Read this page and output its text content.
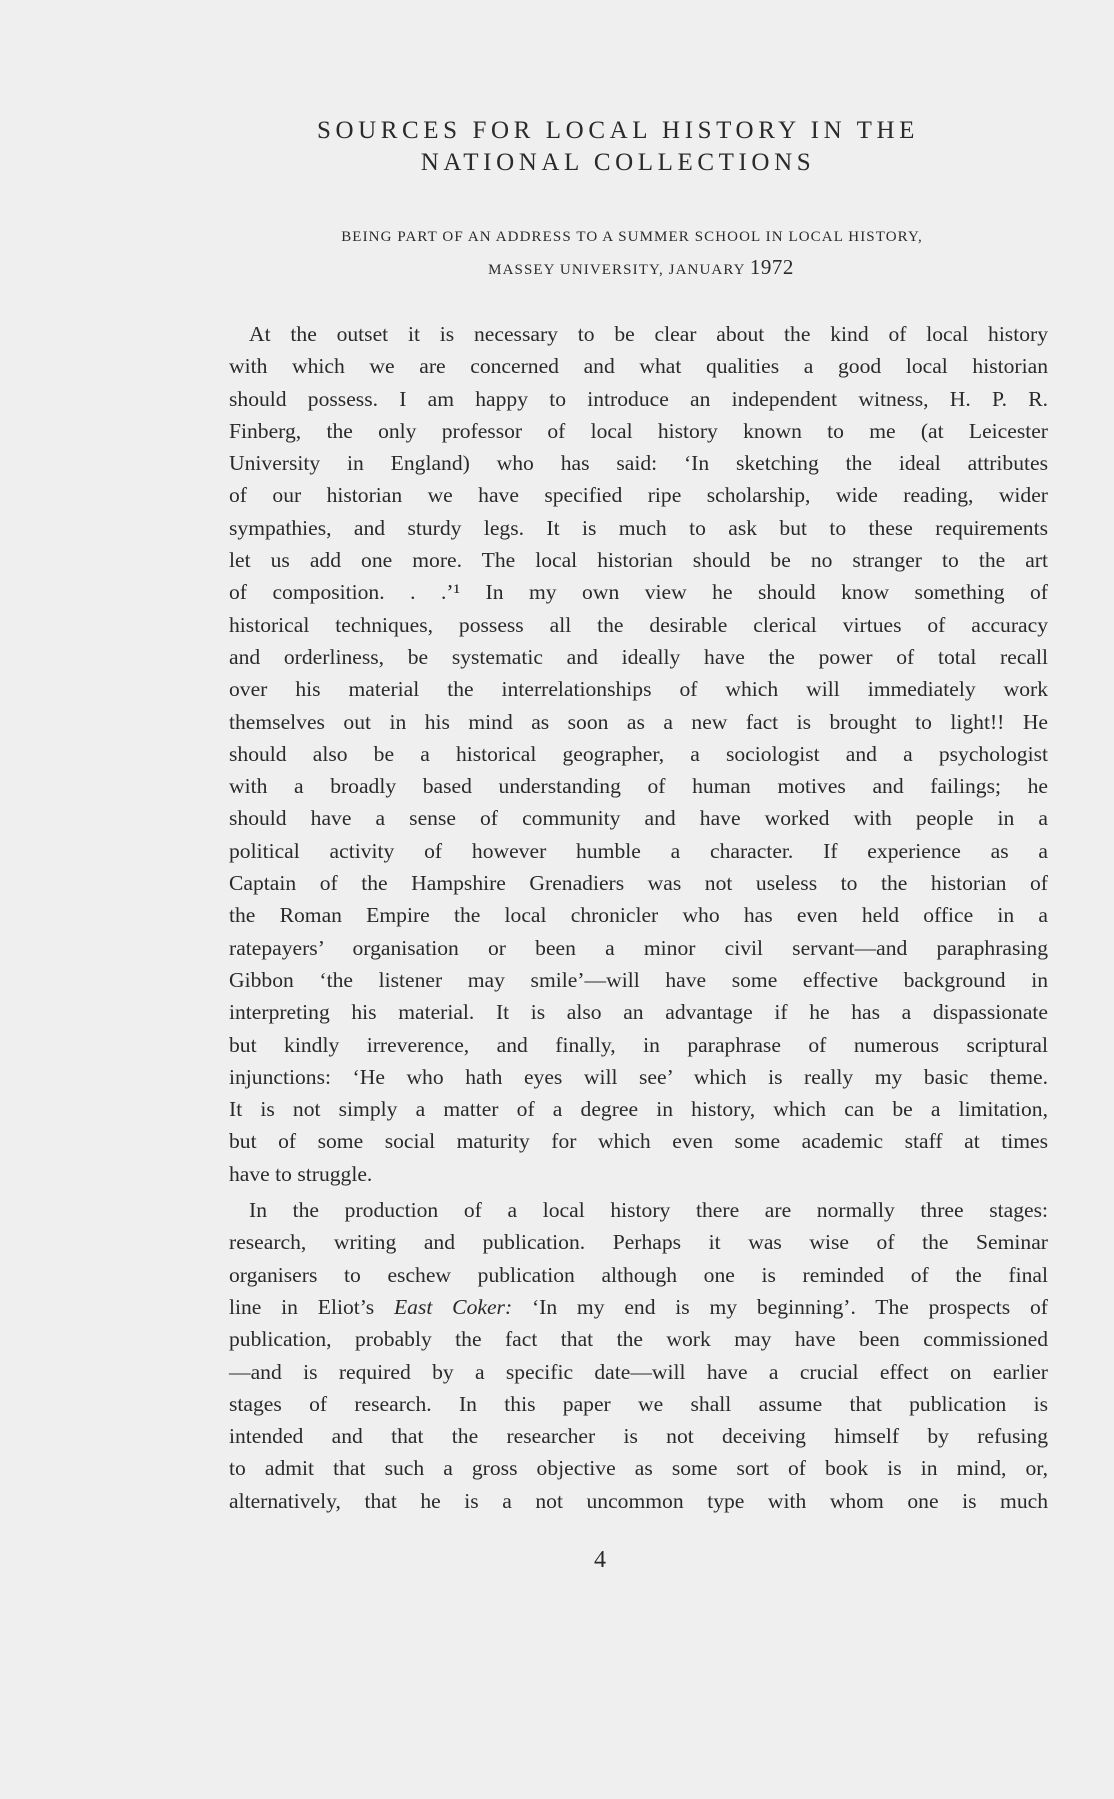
SOURCES FOR LOCAL HISTORY IN THE
NATIONAL COLLECTIONS

BEING PART OF AN ADDRESS TO A SUMMER SCHOOL IN LOCAL HISTORY,

MASSEY UNIVERSITY, JANUARY 1972

At the outset it is necessary to be clear about the kind of local history
with which we are concerned and what qualities a good local historian
should possess. I am happy to introduce an independent witness, H. P. R.
Finberg, the only professor of local history known to me (at Leicester
University in England) who has said: ‘In sketching the ideal attributes
of our historian we have specified ripe scholarship, wide reading, wider
sympathies, and sturdy legs. It is much to ask but to these requirements
let us add one more. The local historian should be no stranger to the art
of composition. . .’¹ In my own view he should know something of
historical techniques, possess all the desirable clerical virtues of accuracy
and orderliness, be systematic and ideally have the power of total recall
over his material the interrelationships of which will immediately work
themselves out in his mind as soon as a new fact is brought to light!! He
should also be a historical geographer, a sociologist and a psychologist
with a broadly based understanding of human motives and failings; he
should have a sense of community and have worked with people in a
political activity of however humble a character. If experience as a
Captain of the Hampshire Grenadiers was not useless to the historian of
the Roman Empire the local chronicler who has even held office in a
ratepayers’ organisation or been a minor civil servant—and paraphrasing
Gibbon ‘the listener may smile’—will have some effective background in
interpreting his material. It is also an advantage if he has a dispassionate
but kindly irreverence, and finally, in paraphrase of numerous scriptural
injunctions: ‘He who hath eyes will see’ which is really my basic theme.
It is not simply a matter of a degree in history, which can be a limitation,
but of some social maturity for which even some academic staff at times
have to struggle.
In the production of a local history there are normally three stages:
research, writing and publication. Perhaps it was wise of the Seminar
organisers to eschew publication although one is reminded of the final
line in Eliot’s East Coker: ‘In my end is my beginning’. The prospects of
publication, probably the fact that the work may have been commissioned
—and is required by a specific date—will have a crucial effect on earlier
stages of research. In this paper we shall assume that publication is
intended and that the researcher is not deceiving himself by refusing
to admit that such a gross objective as some sort of book is in mind, or,
alternatively, that he is a not uncommon type with whom one is much
4
